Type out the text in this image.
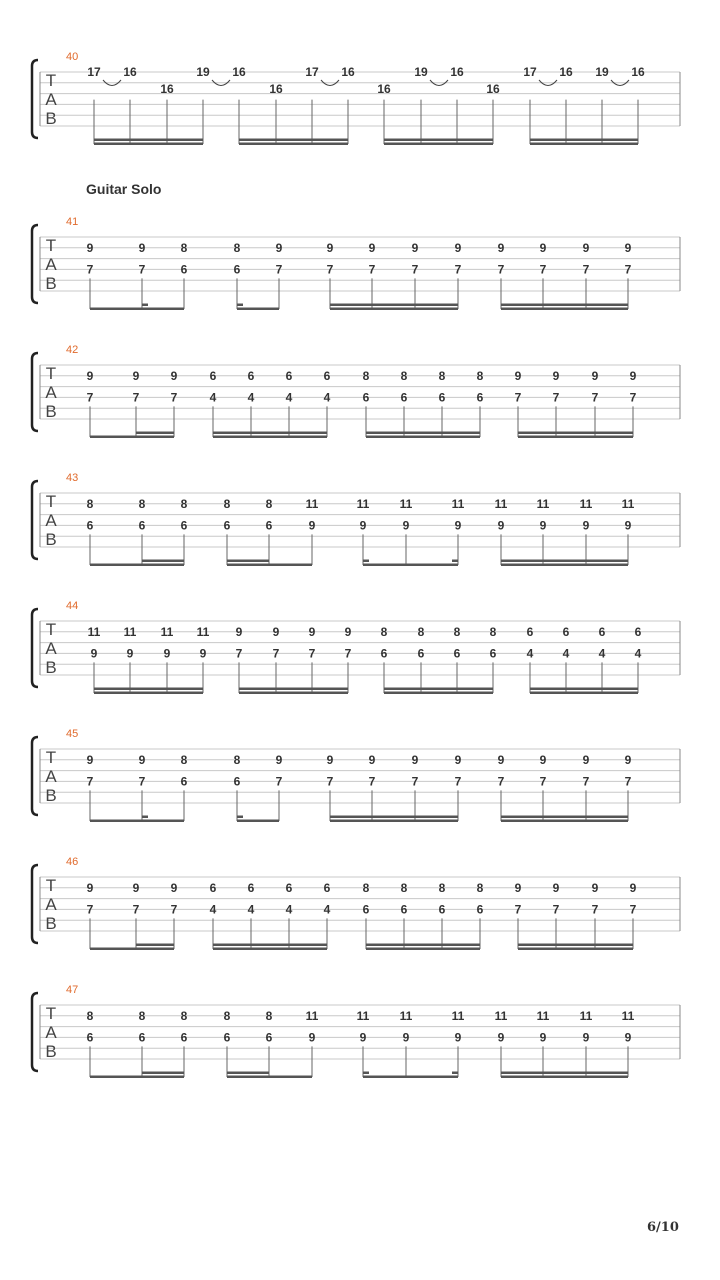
T
A
B
40
17 16
16
19 16
16
17 16
16
19 16
16
17 16 19 16
T
A
B
41
9	9	8	8	9	9	9	9	9	9	9	9	9
7	7	6	6	7	7	7	7	7	7	7	7	7
T
A
B
42
9	9	9	6	6	6	6	8	8	8	8	9	9	9	9
7	7	7	4	4	4	4	6	6	6	6	7	7	7	7
T
A
B
43
8	8	8	8	8	11	11	11	11	11 11	11 11
6	6	6	6	6	9	9	9	9	9	9	9	9
T
A
B
44
11 11 11 11 9	9 9 9 8	8 8 8	6 6 6 6
9 9	9 9 7	7 7 7 6	6 6 6	4 4 4 4
T
A
B
45
9	9	8	8	9	9	9	9	9	9	9	9	9
7	7	6	6	7	7	7	7	7	7	7	7	7
T
A
B
46
9	9	9	6	6	6	6	8	8	8	8	9	9	9	9
7	7	7	4	4	4	4	6	6	6	6	7	7	7	7
T
A
B
47
8	8	8	8	8	11	11	11	11	11 11	11 11
6	6	6	6	6	9	9	9	9	9	9	9	9
Guitar Solo
6/10
